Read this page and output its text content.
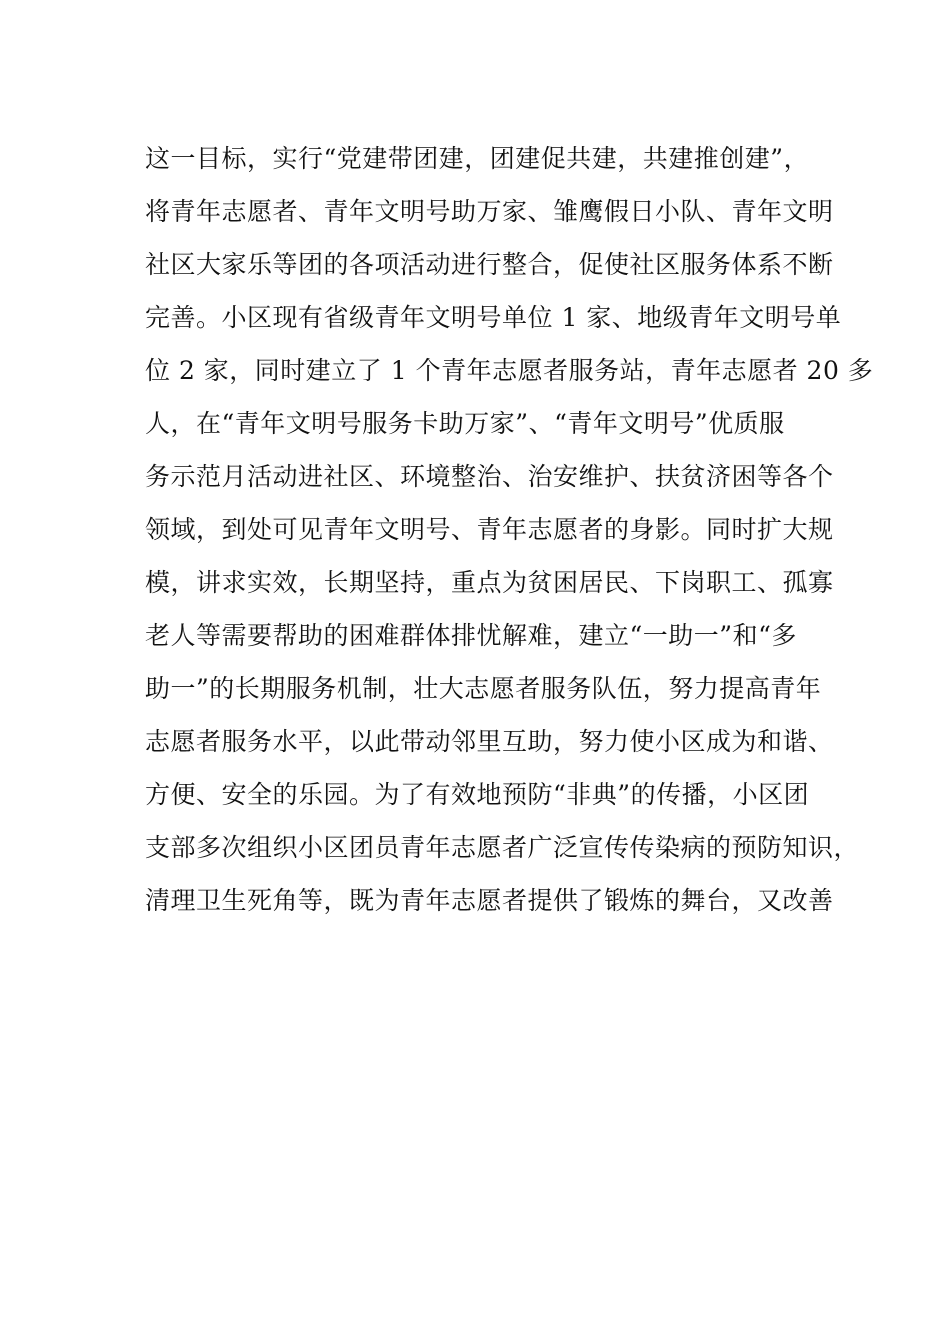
这一目标，实行“党建带团建，团建促共建，共建推创建”，
将青年志愿者、青年文明号助万家、雏鹰假日小队、青年文明
社区大家乐等团的各项活动进行整合，促使社区服务体系不断
完善。小区现有省级青年文明号单位 1 家、地级青年文明号单
位 2 家，同时建立了 1 个青年志愿者服务站，青年志愿者 20 多
人，在“青年文明号服务卡助万家”、“青年文明号”优质服
务示范月活动进社区、环境整治、治安维护、扶贫济困等各个
领域，到处可见青年文明号、青年志愿者的身影。同时扩大规
模，讲求实效，长期坚持，重点为贫困居民、下岗职工、孤寡
老人等需要帮助的困难群体排忧解难，建立“一助一”和“多
助一”的长期服务机制，壮大志愿者服务队伍，努力提高青年
志愿者服务水平，以此带动邻里互助，努力使小区成为和谐、
方便、安全的乐园。为了有效地预防“非典”的传播，小区团
支部多次组织小区团员青年志愿者广泛宣传传染病的预防知识，
清理卫生死角等，既为青年志愿者提供了锻炼的舞台，又改善
